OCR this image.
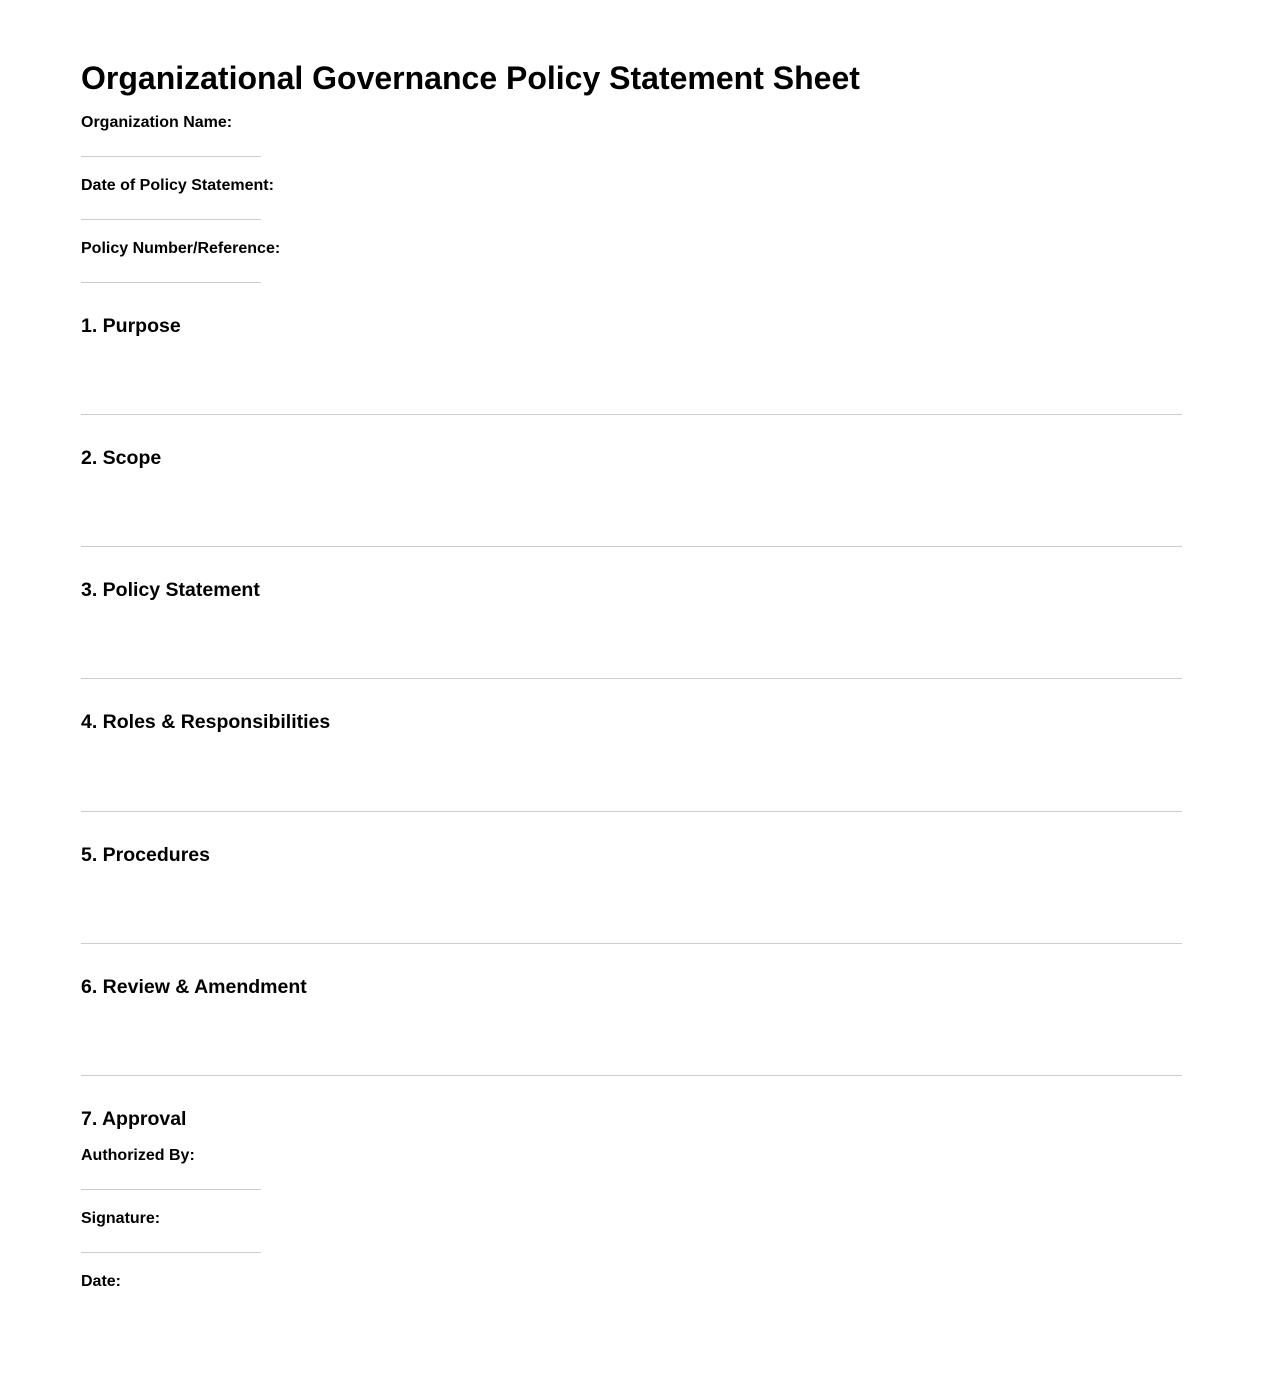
Organizational Governance Policy Statement Sheet
Organization Name:
Date of Policy Statement:
Policy Number/Reference:
1. Purpose
2. Scope
3. Policy Statement
4. Roles & Responsibilities
5. Procedures
6. Review & Amendment
7. Approval
Authorized By:
Signature:
Date:
